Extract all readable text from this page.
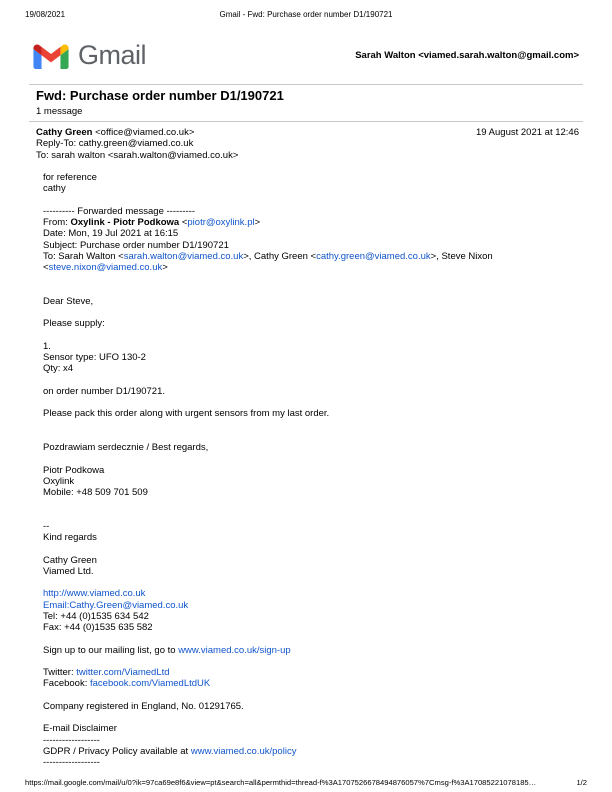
19/08/2021	Gmail - Fwd: Purchase order number D1/190721
Gmail	Sarah Walton <viamed.sarah.walton@gmail.com>
Fwd: Purchase order number D1/190721
1 message
Cathy Green <office@viamed.co.uk>	19 August 2021 at 12:46
Reply-To: cathy.green@viamed.co.uk
To: sarah walton <sarah.walton@viamed.co.uk>
for reference
cathy

---------- Forwarded message ---------
From: Oxylink - Piotr Podkowa <piotr@oxylink.pl>
Date: Mon, 19 Jul 2021 at 16:15
Subject: Purchase order number D1/190721
To: Sarah Walton <sarah.walton@viamed.co.uk>, Cathy Green <cathy.green@viamed.co.uk>, Steve Nixon
<steve.nixon@viamed.co.uk>

Dear Steve,

Please supply:

1.
Sensor type: UFO 130-2
Qty: x4

on order number D1/190721.

Please pack this order along with urgent sensors from my last order.

Pozdrawiam serdecznie / Best regards,

Piotr Podkowa
Oxylink
Mobile: +48 509 701 509

--
Kind regards

Cathy Green
Viamed Ltd.

http://www.viamed.co.uk
Email:Cathy.Green@viamed.co.uk
Tel: +44 (0)1535 634 542
Fax: +44 (0)1535 635 582

Sign up to our mailing list, go to www.viamed.co.uk/sign-up

Twitter: twitter.com/ViamedLtd
Facebook: facebook.com/ViamedLtdUK

Company registered in England, No. 01291765.

E-mail Disclaimer
------------------
GDPR / Privacy Policy available at www.viamed.co.uk/policy
------------------
https://mail.google.com/mail/u/0?ik=97ca69e8f6&view=pt&search=all&permthid=thread-f%3A1707526678494876057%7Cmsg-f%3A17085221078185…	1/2
